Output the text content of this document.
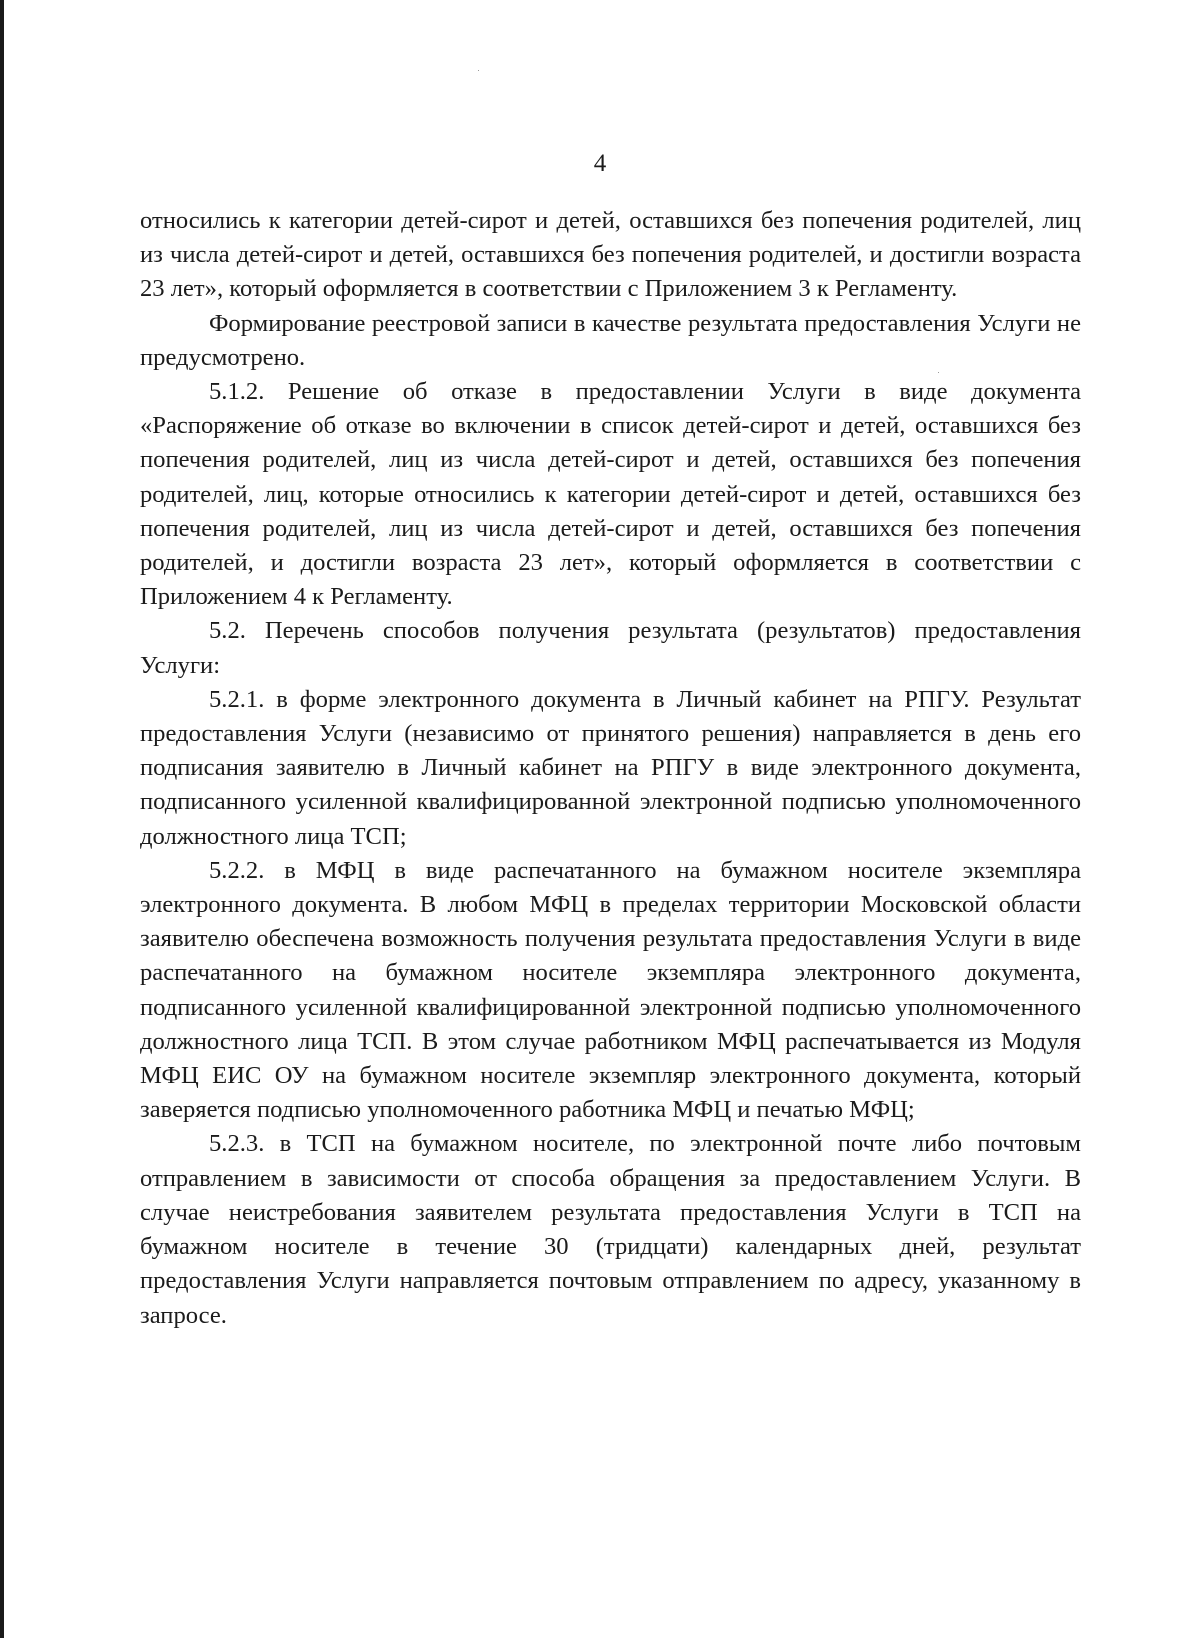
4

относились к категории детей-сирот и детей, оставшихся без попечения родителей, лиц из числа детей-сирот и детей, оставшихся без попечения родителей, и достигли возраста 23 лет», который оформляется в соответствии с Приложением 3 к Регламенту.

Формирование реестровой записи в качестве результата предоставления Услуги не предусмотрено.

5.1.2. Решение об отказе в предоставлении Услуги в виде документа «Распоряжение об отказе во включении в список детей-сирот и детей, оставшихся без попечения родителей, лиц из числа детей-сирот и детей, оставшихся без попечения родителей, лиц, которые относились к категории детей-сирот и детей, оставшихся без попечения родителей, лиц из числа детей-сирот и детей, оставшихся без попечения родителей, и достигли возраста 23 лет», который оформляется в соответствии с Приложением 4 к Регламенту.

5.2. Перечень способов получения результата (результатов) предоставления Услуги:

5.2.1. в форме электронного документа в Личный кабинет на РПГУ. Результат предоставления Услуги (независимо от принятого решения) направляется в день его подписания заявителю в Личный кабинет на РПГУ в виде электронного документа, подписанного усиленной квалифицированной электронной подписью уполномоченного должностного лица ТСП;

5.2.2. в МФЦ в виде распечатанного на бумажном носителе экземпляра электронного документа. В любом МФЦ в пределах территории Московской области заявителю обеспечена возможность получения результата предоставления Услуги в виде распечатанного на бумажном носителе экземпляра электронного документа, подписанного усиленной квалифицированной электронной подписью уполномоченного должностного лица ТСП. В этом случае работником МФЦ распечатывается из Модуля МФЦ ЕИС ОУ на бумажном носителе экземпляр электронного документа, который заверяется подписью уполномоченного работника МФЦ и печатью МФЦ;

5.2.3. в ТСП на бумажном носителе, по электронной почте либо почтовым отправлением в зависимости от способа обращения за предоставлением Услуги. В случае неистребования заявителем результата предоставления Услуги в ТСП на бумажном носителе в течение 30 (тридцати) календарных дней, результат предоставления Услуги направляется почтовым отправлением по адресу, указанному в запросе.
